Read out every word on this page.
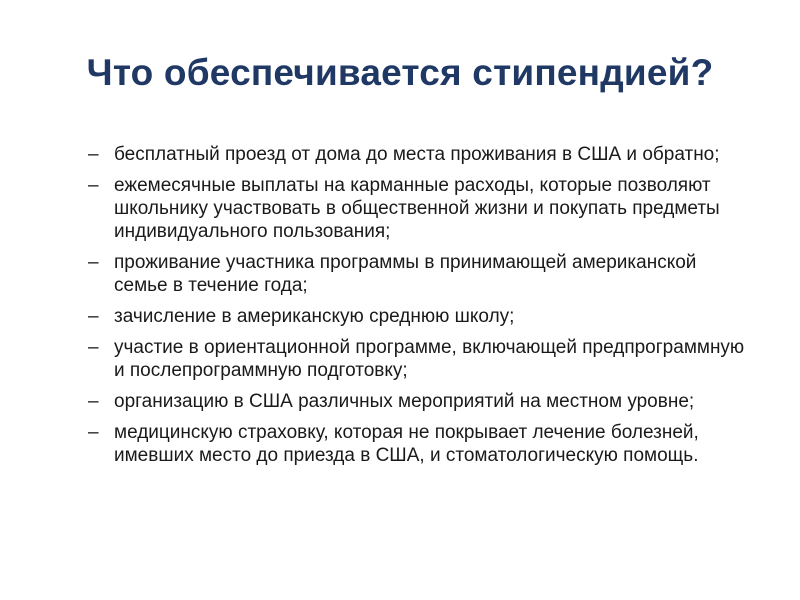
Что обеспечивается стипендией?
– бесплатный проезд от дома до места проживания в США и обратно;
– ежемесячные выплаты на карманные расходы, которые позволяют школьнику участвовать в общественной жизни и покупать предметы индивидуального пользования;
– проживание участника программы в принимающей американской семье в течение года;
– зачисление в американскую среднюю школу;
– участие в ориентационной программе, включающей предпрограммную и послепрограммную подготовку;
– организацию в США различных мероприятий на местном уровне;
– медицинскую страховку, которая не покрывает лечение болезней, имевших место до приезда в США, и стоматологическую помощь.
